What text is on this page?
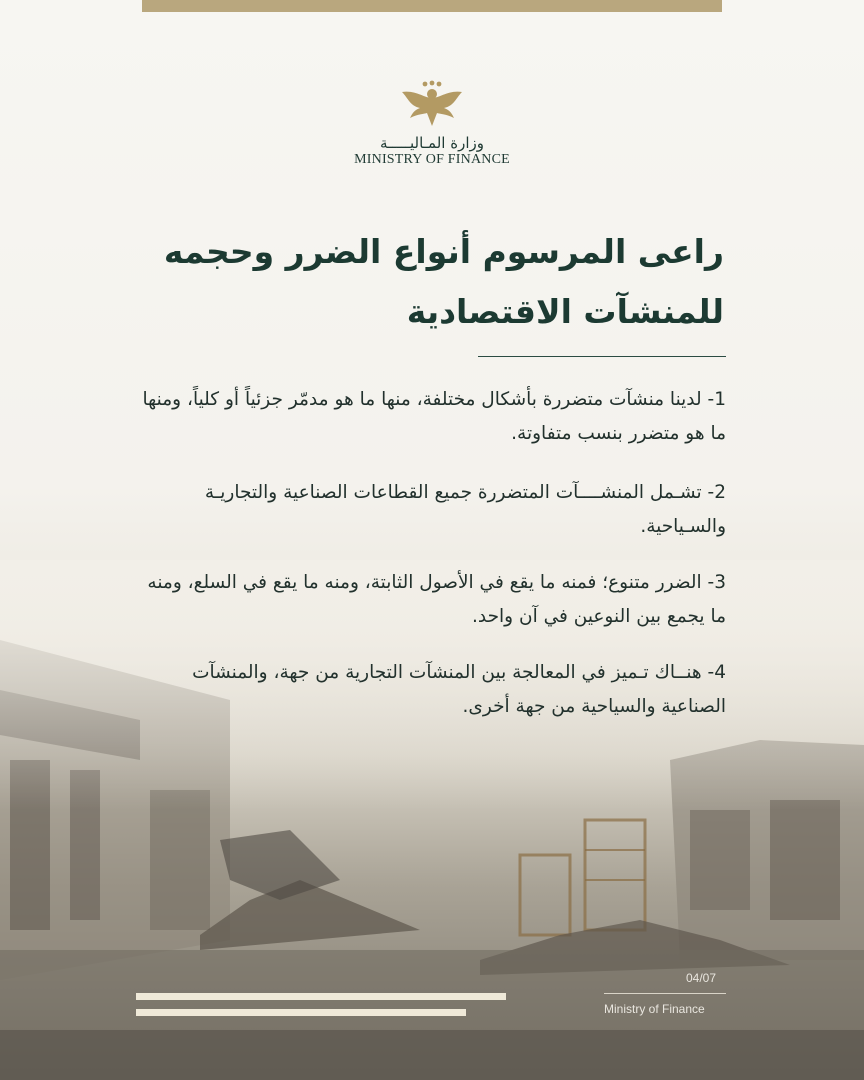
وزارة المـاليـــــة
MINISTRY OF FINANCE
راعى المرسوم أنواع الضرر وحجمه
للمنشآت الاقتصادية
1- لدينا منشآت متضررة بأشكال مختلفة، منها ما هو مدمّر جزئياً أو كلياً، ومنها ما هو متضرر بنسب متفاوتة.
2- تشـمل المنشــــآت المتضررة جميع القطاعات الصناعية والتجاريـة والسـياحية.
3- الضرر متنوع؛ فمنه ما يقع في الأصول الثابتة، ومنه ما يقع في السلع، ومنه ما يجمع بين النوعين في آن واحد.
4- هنــاك تـميز في المعالجة بين المنشآت التجارية من جهة، والمنشآت الصناعية والسياحية من جهة أخرى.
04/07
Ministry of Finance
